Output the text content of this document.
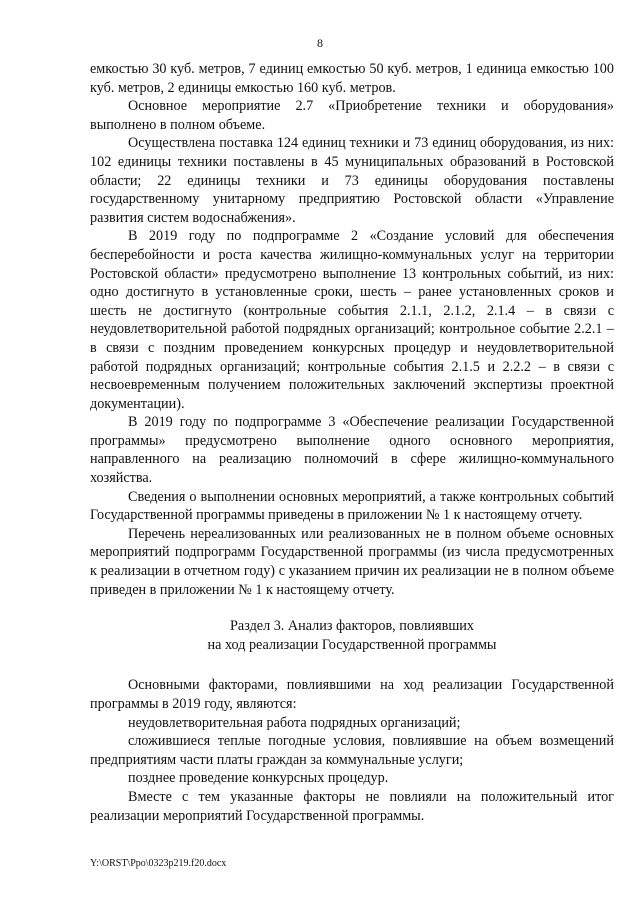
8

емкостью 30 куб. метров, 7 единиц емкостью 50 куб. метров, 1 единица емкостью 100 куб. метров, 2 единицы емкостью 160 куб. метров.

Основное мероприятие 2.7 «Приобретение техники и оборудования» выполнено в полном объеме.

Осуществлена поставка 124 единиц техники и 73 единиц оборудования, из них: 102 единицы техники поставлены в 45 муниципальных образований в Ростовской области; 22 единицы техники и 73 единицы оборудования поставлены государственному унитарному предприятию Ростовской области «Управление развития систем водоснабжения».

В 2019 году по подпрограмме 2 «Создание условий для обеспечения бесперебойности и роста качества жилищно-коммунальных услуг на территории Ростовской области» предусмотрено выполнение 13 контрольных событий, из них: одно достигнуто в установленные сроки, шесть – ранее установленных сроков и шесть не достигнуто (контрольные события 2.1.1, 2.1.2, 2.1.4 – в связи с неудовлетворительной работой подрядных организаций; контрольное событие 2.2.1 – в связи с поздним проведением конкурсных процедур и неудовлетворительной работой подрядных организаций; контрольные события 2.1.5 и 2.2.2 – в связи с несвоевременным получением положительных заключений экспертизы проектной документации).

В 2019 году по подпрограмме 3 «Обеспечение реализации Государственной программы» предусмотрено выполнение одного основного мероприятия, направленного на реализацию полномочий в сфере жилищно-коммунального хозяйства.

Сведения о выполнении основных мероприятий, а также контрольных событий Государственной программы приведены в приложении № 1 к настоящему отчету.

Перечень нереализованных или реализованных не в полном объеме основных мероприятий подпрограмм Государственной программы (из числа предусмотренных к реализации в отчетном году) с указанием причин их реализации не в полном объеме приведен в приложении № 1 к настоящему отчету.

Раздел 3. Анализ факторов, повлиявших
на ход реализации Государственной программы

Основными факторами, повлиявшими на ход реализации Государственной программы в 2019 году, являются:

неудовлетворительная работа подрядных организаций;

сложившиеся теплые погодные условия, повлиявшие на объем возмещений предприятиям части платы граждан за коммунальные услуги;

позднее проведение конкурсных процедур.

Вместе с тем указанные факторы не повлияли на положительный итог реализации мероприятий Государственной программы.

Y:\ORST\Ppo\0323p219.f20.docx
